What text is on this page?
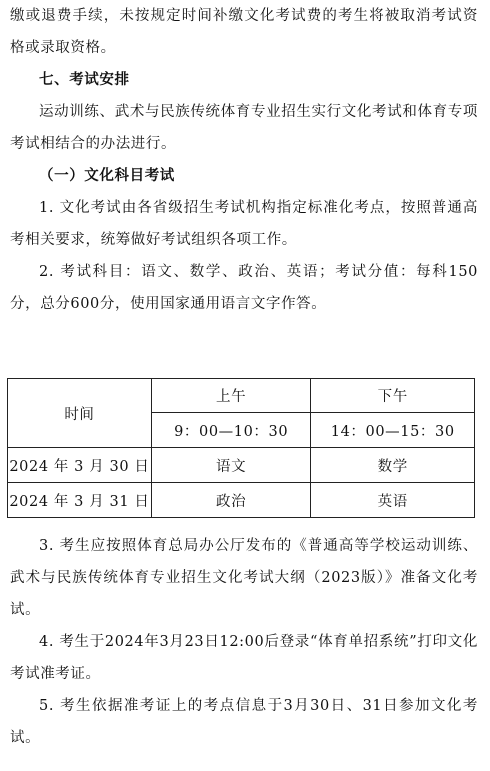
缴或退费手续，未按规定时间补缴文化考试费的考生将被取消考试资格或录取资格。

七、考试安排

运动训练、武术与民族传统体育专业招生实行文化考试和体育专项考试相结合的办法进行。

（一）文化科目考试

1. 文化考试由各省级招生考试机构指定标准化考点，按照普通高考相关要求，统筹做好考试组织各项工作。

2. 考试科目：语文、数学、政治、英语；考试分值：每科150分，总分600分，使用国家通用语言文字作答。

时间	上午	下午
	9：00—10：30	14：00—15：30
2024 年 3 月 30 日	语文	数学
2024 年 3 月 31 日	政治	英语

3. 考生应按照体育总局办公厅发布的《普通高等学校运动训练、武术与民族传统体育专业招生文化考试大纲（2023版）》准备文化考试。

4. 考生于2024年3月23日12:00后登录“体育单招系统”打印文化考试准考证。

5. 考生依据准考证上的考点信息于3月30日、31日参加文化考试。
